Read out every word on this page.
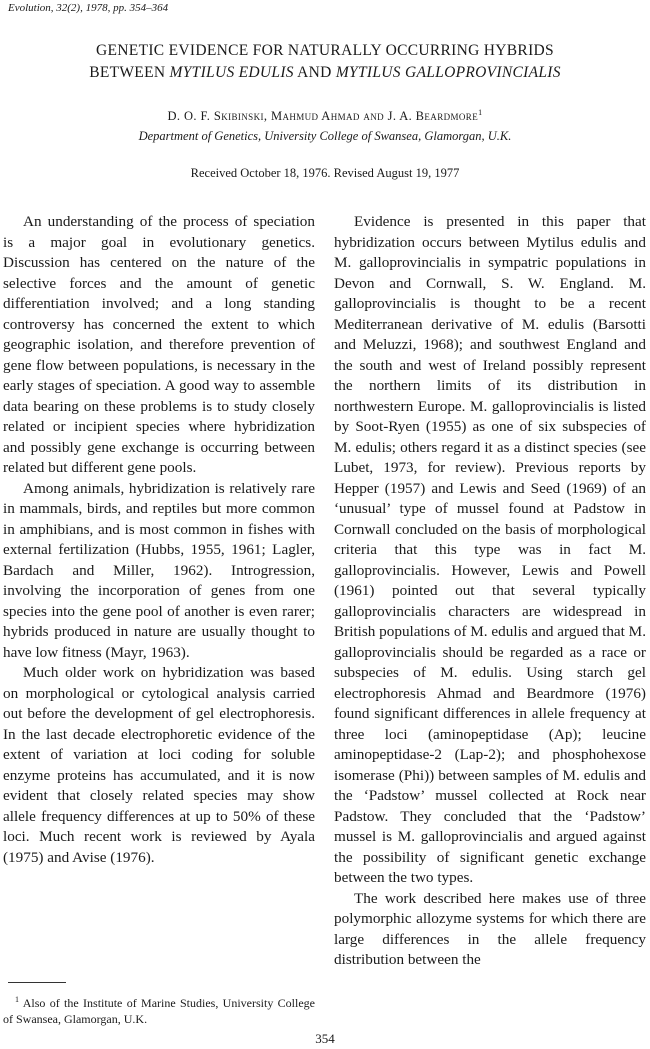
Evolution, 32(2), 1978, pp. 354–364
GENETIC EVIDENCE FOR NATURALLY OCCURRING HYBRIDS
BETWEEN MYTILUS EDULIS AND MYTILUS GALLOPROVINCIALIS
D. O. F. Skibinski, Mahmud Ahmad and J. A. Beardmore$^1$
Department of Genetics, University College of Swansea, Glamorgan, U.K.
Received October 18, 1976. Revised August 19, 1977

An understanding of the process of speciation is a major goal in evolutionary genetics. Discussion has centered on the nature of the selective forces and the amount of genetic differentiation involved; and a long standing controversy has concerned the extent to which geographic isolation, and therefore prevention of gene flow between populations, is necessary in the early stages of speciation. A good way to assemble data bearing on these problems is to study closely related or incipient species where hybridization and possibly gene exchange is occurring between related but different gene pools.

Among animals, hybridization is relatively rare in mammals, birds, and reptiles but more common in amphibians, and is most common in fishes with external fertilization (Hubbs, 1955, 1961; Lagler, Bardach and Miller, 1962). Introgression, involving the incorporation of genes from one species into the gene pool of another is even rarer; hybrids produced in nature are usually thought to have low fitness (Mayr, 1963).

Much older work on hybridization was based on morphological or cytological analysis carried out before the development of gel electrophoresis. In the last decade electrophoretic evidence of the extent of variation at loci coding for soluble enzyme proteins has accumulated, and it is now evident that closely related species may show allele frequency differences at up to 50% of these loci. Much recent work is reviewed by Ayala (1975) and Avise (1976).

Evidence is presented in this paper that hybridization occurs between Mytilus edulis and M. galloprovincialis in sympatric populations in Devon and Cornwall, S. W. England. M. galloprovincialis is thought to be a recent Mediterranean derivative of M. edulis (Barsotti and Meluzzi, 1968); and southwest England and the south and west of Ireland possibly represent the northern limits of its distribution in northwestern Europe. M. galloprovincialis is listed by Soot-Ryen (1955) as one of six subspecies of M. edulis; others regard it as a distinct species (see Lubet, 1973, for review). Previous reports by Hepper (1957) and Lewis and Seed (1969) of an ‘unusual’ type of mussel found at Padstow in Cornwall concluded on the basis of morphological criteria that this type was in fact M. galloprovincialis. However, Lewis and Powell (1961) pointed out that several typically galloprovincialis characters are widespread in British populations of M. edulis and argued that M. galloprovincialis should be regarded as a race or subspecies of M. edulis. Using starch gel electrophoresis Ahmad and Beardmore (1976) found significant differences in allele frequency at three loci (aminopeptidase (Ap); leucine aminopeptidase-2 (Lap-2); and phosphohexose isomerase (Phi)) between samples of M. edulis and the ‘Padstow’ mussel collected at Rock near Padstow. They concluded that the ‘Padstow’ mussel is M. galloprovincialis and argued against the possibility of significant genetic exchange between the two types.

The work described here makes use of three polymorphic allozyme systems for which there are large differences in the allele frequency distribution between the

$^1$ Also of the Institute of Marine Studies, University College of Swansea, Glamorgan, U.K.
354
